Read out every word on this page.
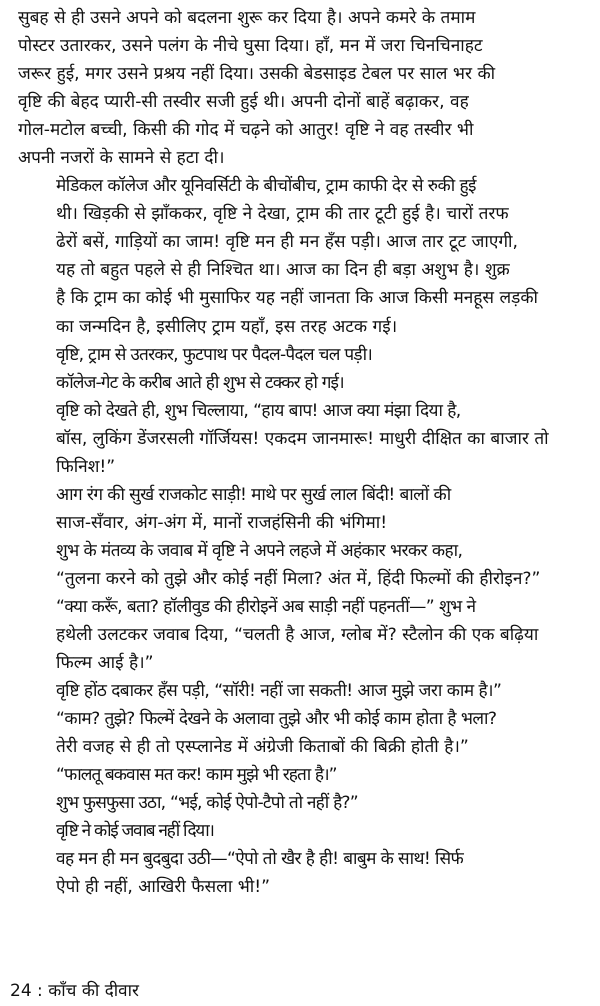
सुबह से ही उसने अपने को बदलना शुरू कर दिया है। अपने कमरे के तमाम
पोस्टर उतारकर, उसने पलंग के नीचे घुसा दिया। हाँ, मन में जरा चिनचिनाहट
जरूर हुई, मगर उसने प्रश्रय नहीं दिया। उसकी बेडसाइड टेबल पर साल भर की
वृष्टि की बेहद प्यारी-सी तस्वीर सजी हुई थी। अपनी दोनों बाहें बढ़ाकर, वह
गोल-मटोल बच्ची, किसी की गोद में चढ़ने को आतुर! वृष्टि ने वह तस्वीर भी
अपनी नजरों के सामने से हटा दी।
मेडिकल कॉलेज और यूनिवर्सिटी के बीचोंबीच, ट्राम काफी देर से रुकी हुई
थी। खिड़की से झाँककर, वृष्टि ने देखा, ट्राम की तार टूटी हुई है। चारों तरफ
ढेरों बसें, गाड़ियों का जाम! वृष्टि मन ही मन हँस पड़ी। आज तार टूट जाएगी,
यह तो बहुत पहले से ही निश्चित था। आज का दिन ही बड़ा अशुभ है। शुक्र
है कि ट्राम का कोई भी मुसाफिर यह नहीं जानता कि आज किसी मनहूस लड़की
का जन्मदिन है, इसीलिए ट्राम यहाँ, इस तरह अटक गई।
वृष्टि, ट्राम से उतरकर, फुटपाथ पर पैदल-पैदल चल पड़ी।
कॉलेज-गेट के करीब आते ही शुभ से टक्कर हो गई।
वृष्टि को देखते ही, शुभ चिल्लाया, “हाय बाप! आज क्या मंझा दिया है,
बॉस, लुकिंग डेंजरसली गॉर्जियस! एकदम जानमारू! माधुरी दीक्षित का बाजार तो
फिनिश!”
आग रंग की सुर्ख राजकोट साड़ी! माथे पर सुर्ख लाल बिंदी! बालों की
साज-सँवार, अंग-अंग में, मानों राजहंसिनी की भंगिमा!
शुभ के मंतव्य के जवाब में वृष्टि ने अपने लहजे में अहंकार भरकर कहा,
“तुलना करने को तुझे और कोई नहीं मिला? अंत में, हिंदी फिल्मों की हीरोइन?”
“क्या करूँ, बता? हॉलीवुड की हीरोइनें अब साड़ी नहीं पहनतीं—” शुभ ने
हथेली उलटकर जवाब दिया, “चलती है आज, ग्लोब में? स्टैलोन की एक बढ़िया
फिल्म आई है।”
वृष्टि होंठ दबाकर हँस पड़ी, “सॉरी! नहीं जा सकती! आज मुझे जरा काम है।”
“काम? तुझे? फिल्में देखने के अलावा तुझे और भी कोई काम होता है भला?
तेरी वजह से ही तो एस्प्लानेड में अंग्रेजी किताबों की बिक्री होती है।”
“फालतू बकवास मत कर! काम मुझे भी रहता है।”
शुभ फुसफुसा उठा, “भई, कोई ऐपो-टैपो तो नहीं है?”
वृष्टि ने कोई जवाब नहीं दिया।
वह मन ही मन बुदबुदा उठी—“ऐपो तो खैर है ही! बाबुम के साथ! सिर्फ
ऐपो ही नहीं, आखिरी फैसला भी!”
24 : काँच की दीवार
